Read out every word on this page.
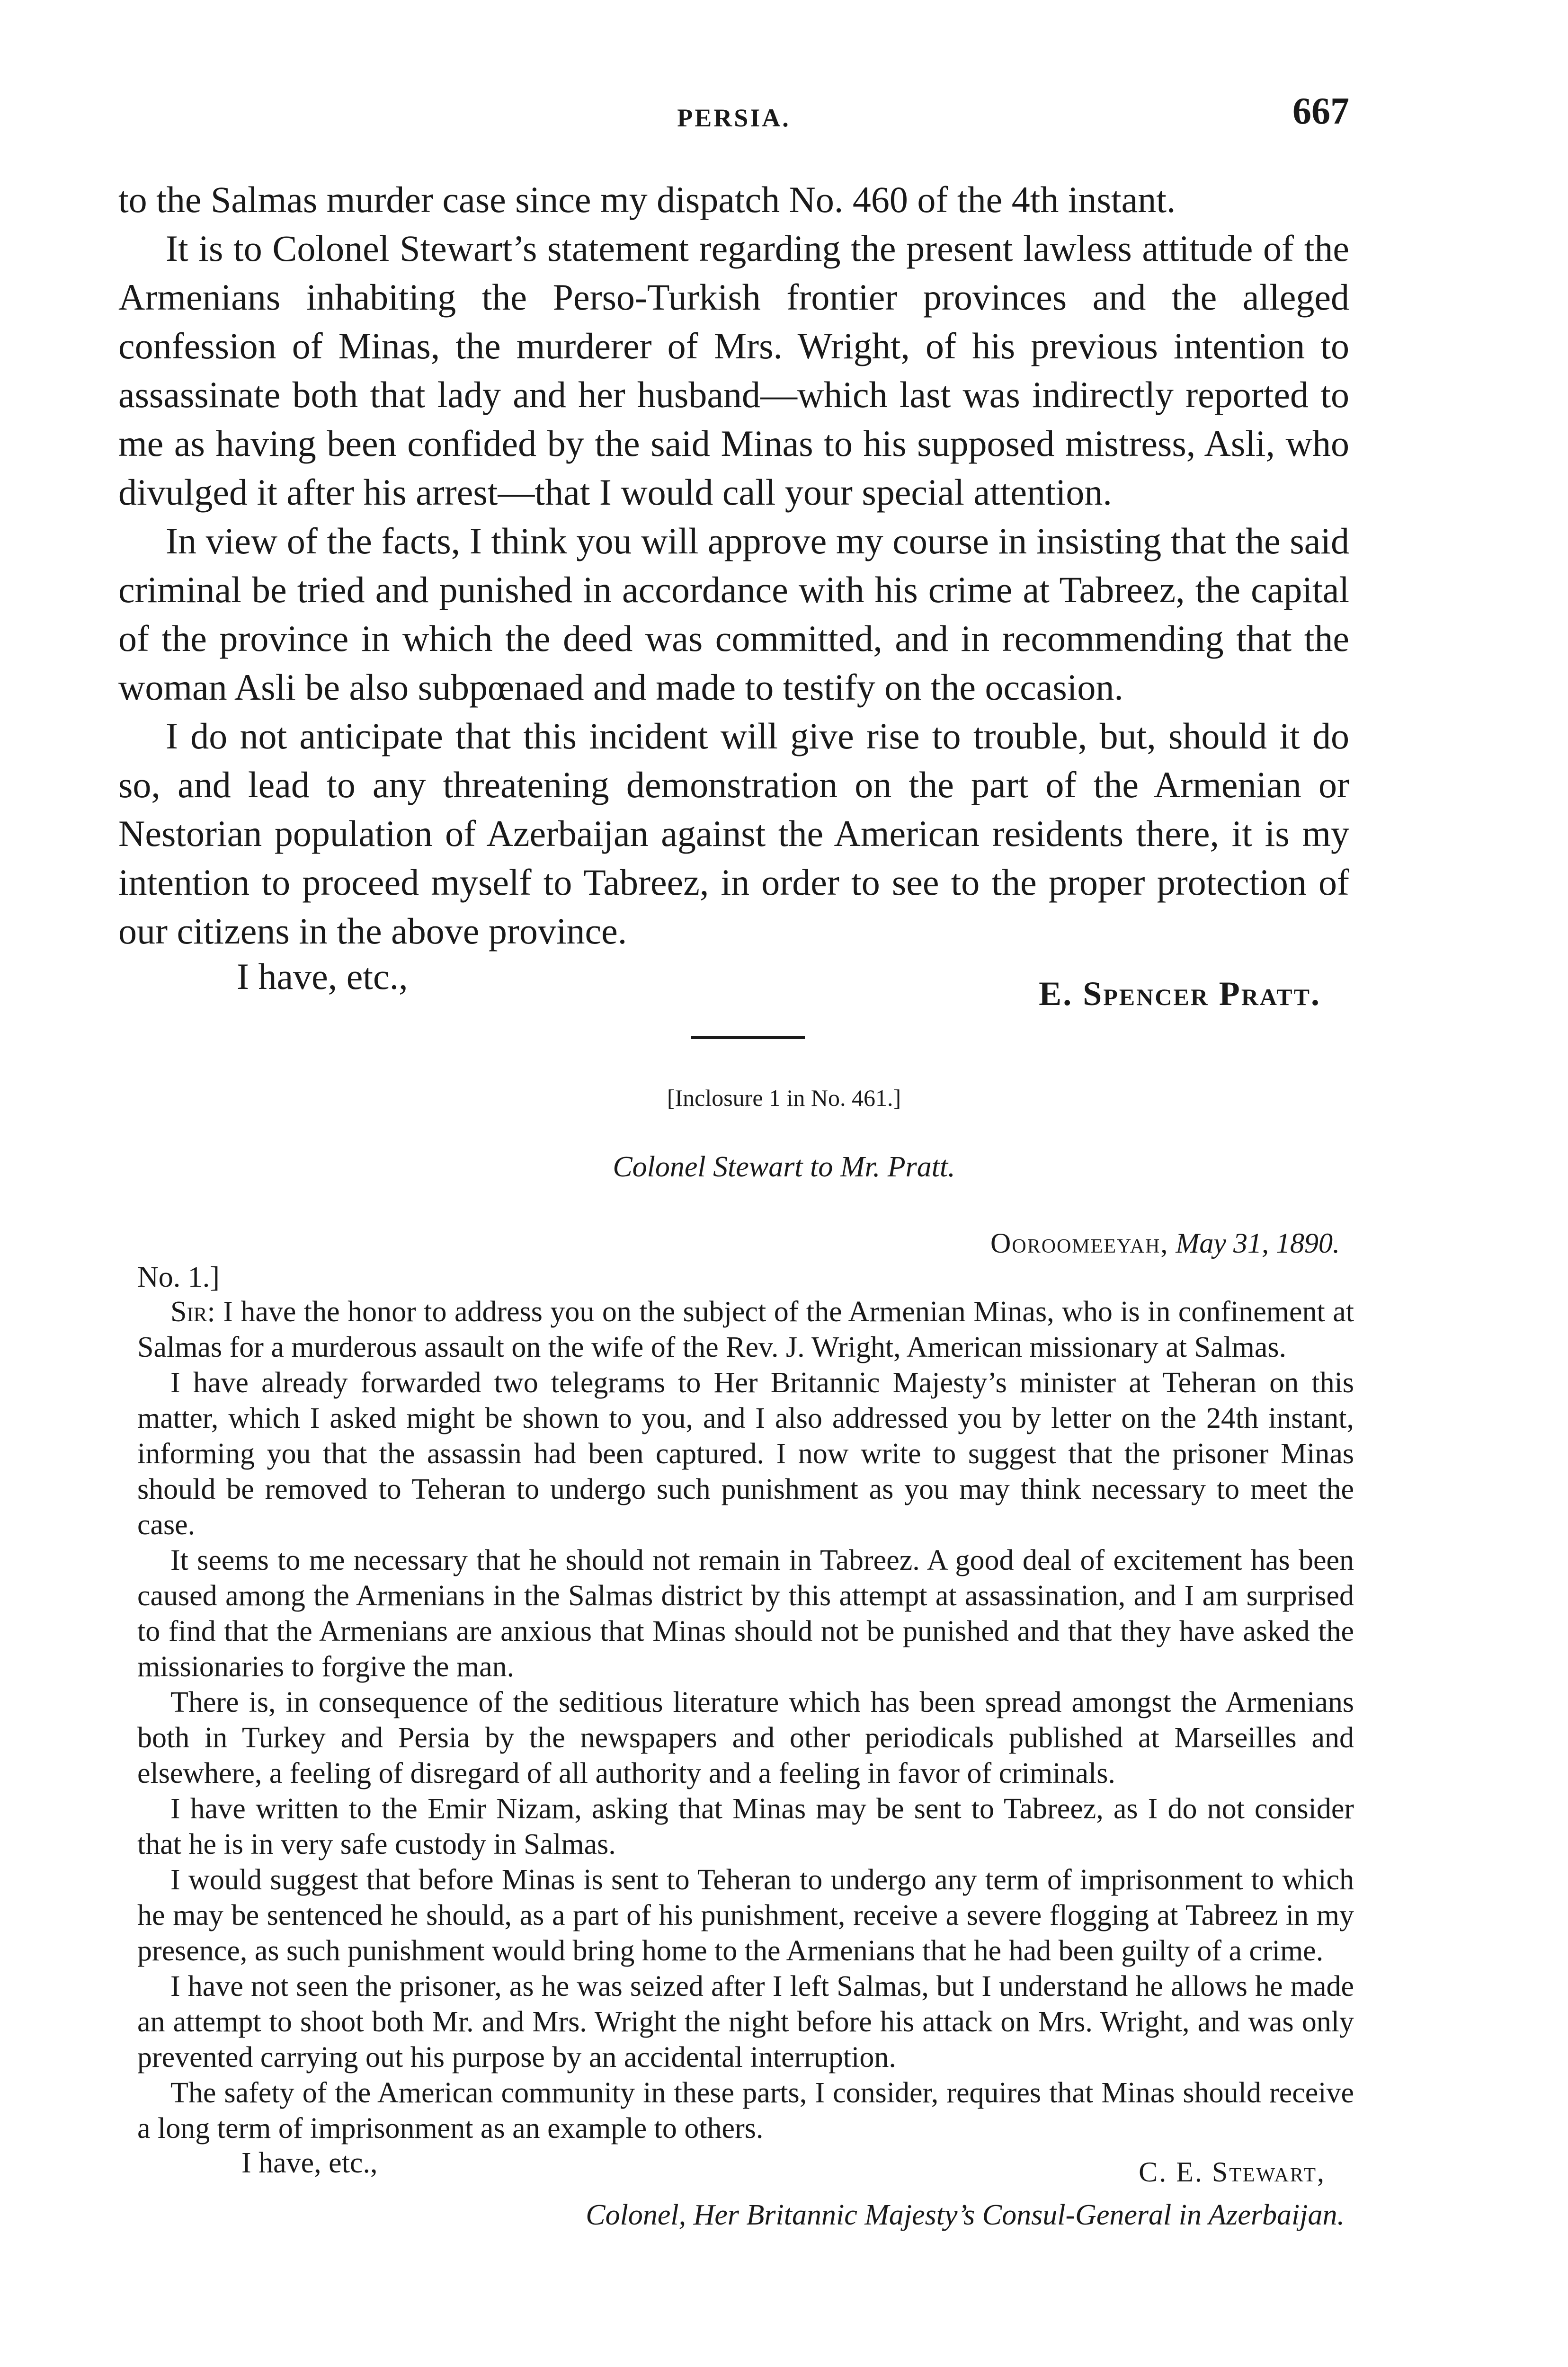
PERSIA.	667

to the Salmas murder case since my dispatch No. 460 of the 4th instant.

It is to Colonel Stewart’s statement regarding the present lawless attitude of the Armenians inhabiting the Perso-Turkish frontier provinces and the alleged confession of Minas, the murderer of Mrs. Wright, of his previous intention to assassinate both that lady and her husband—which last was indirectly reported to me as having been confided by the said Minas to his supposed mistress, Asli, who divulged it after his arrest—that I would call your special attention.

In view of the facts, I think you will approve my course in insisting that the said criminal be tried and punished in accordance with his crime at Tabreez, the capital of the province in which the deed was committed, and in recommending that the woman Asli be also subpœnaed and made to testify on the occasion.

I do not anticipate that this incident will give rise to trouble, but, should it do so, and lead to any threatening demonstration on the part of the Armenian or Nestorian population of Azerbaijan against the American residents there, it is my intention to proceed myself to Tabreez, in order to see to the proper protection of our citizens in the above province.

I have, etc.,	E. Spencer Pratt.
[Inclosure 1 in No. 461.]
Colonel Stewart to Mr. Pratt.
Ooroomeeyah, May 31, 1890.
No. 1.]

Sir: I have the honor to address you on the subject of the Armenian Minas, who is in confinement at Salmas for a murderous assault on the wife of the Rev. J. Wright, American missionary at Salmas.

I have already forwarded two telegrams to Her Britannic Majesty’s minister at Teheran on this matter, which I asked might be shown to you, and I also addressed you by letter on the 24th instant, informing you that the assassin had been captured. I now write to suggest that the prisoner Minas should be removed to Teheran to undergo such punishment as you may think necessary to meet the case.

It seems to me necessary that he should not remain in Tabreez. A good deal of excitement has been caused among the Armenians in the Salmas district by this attempt at assassination, and I am surprised to find that the Armenians are anxious that Minas should not be punished and that they have asked the missionaries to forgive the man.

There is, in consequence of the seditious literature which has been spread amongst the Armenians both in Turkey and Persia by the newspapers and other periodicals published at Marseilles and elsewhere, a feeling of disregard of all authority and a feeling in favor of criminals.

I have written to the Emir Nizam, asking that Minas may be sent to Tabreez, as I do not consider that he is in very safe custody in Salmas.

I would suggest that before Minas is sent to Teheran to undergo any term of imprisonment to which he may be sentenced he should, as a part of his punishment, receive a severe flogging at Tabreez in my presence, as such punishment would bring home to the Armenians that he had been guilty of a crime.

I have not seen the prisoner, as he was seized after I left Salmas, but I understand he allows he made an attempt to shoot both Mr. and Mrs. Wright the night before his attack on Mrs. Wright, and was only prevented carrying out his purpose by an accidental interruption.

The safety of the American community in these parts, I consider, requires that Minas should receive a long term of imprisonment as an example to others.

I have, etc.,	C. E. Stewart,
Colonel, Her Britannic Majesty’s Consul-General in Azerbaijan.
